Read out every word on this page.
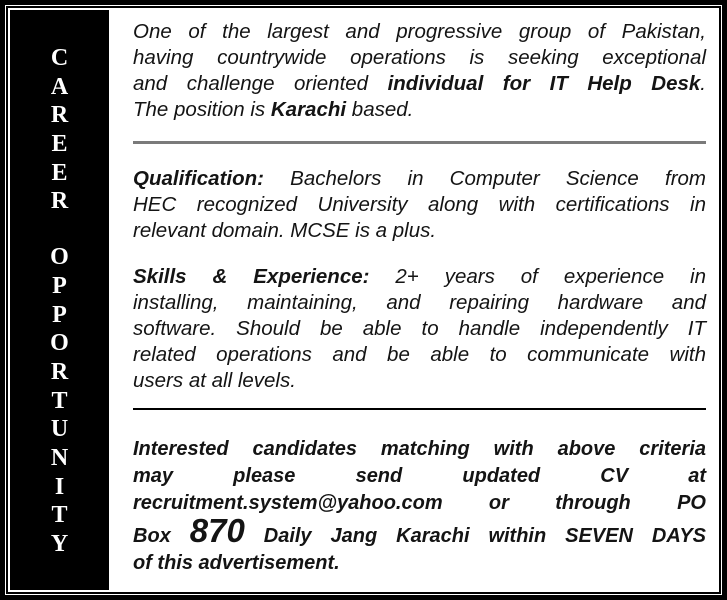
C
A
R
E
E
R
O
P
P
O
R
T
U
N
I
T
Y
One of the largest and progressive group of Pakistan,
having countrywide operations is seeking exceptional
and challenge oriented individual for IT Help Desk.
The position is Karachi based.
Qualification: Bachelors in Computer Science from
HEC recognized University along with certifications in
relevant domain. MCSE is a plus.
Skills & Experience: 2+ years of experience in
installing, maintaining, and repairing hardware and
software. Should be able to handle independently IT
related operations and be able to communicate with
users at all levels.
Interested candidates matching with above criteria
may please send updated CV at
recruitment.system@yahoo.com or through PO
Box 870 Daily Jang Karachi within SEVEN DAYS
of this advertisement.
